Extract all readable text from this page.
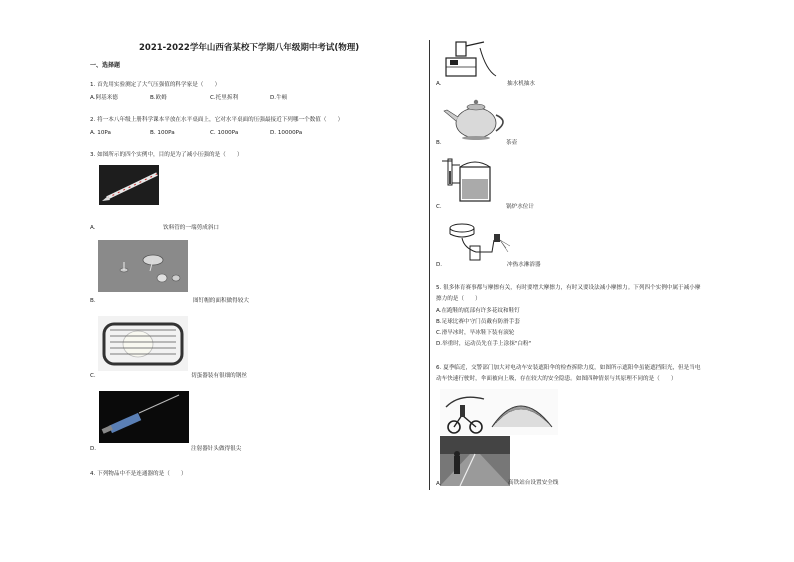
2021-2022学年山西省某校下学期八年级期中考试(物理)
一、选择题
1. 首先用实验测定了大气压强值的科学家是（　　）
A.阿基米德	B.欧姆	C.托里拆利	D.牛顿
2. 将一本八年级上册科学课本平放在水平桌面上，它对水平桌面的压强最接近下列哪一个数值（　　）
A. 10Pa	B. 100Pa	C. 1000Pa	D. 10000Pa
3. 如图所示的四个实例中，目的是为了减小压强的是（　　）
A.	饮料管的一端剪成斜口
B.	图钉帽的面积做得较大
C.	切蛋器装有很细的钢丝
D.	注射器针头做得很尖
4. 下列物品中不是连通器的是（　　）
A.	抽水机抽水
B.	茶壶
C.	锅炉水位计
D.	冲热水淋浴器
5. 很多体育赛事都与摩擦有关，有时要增大摩擦力，有时又要设法减小摩擦力。下列四个实例中属于减小摩
擦力的是（　　）
A.在跑鞋的底部有许多花纹和鞋钉
B.足球比赛中守门员戴有防滑手套
C.滑旱冰时，旱冰鞋下装有滚轮
D.举重时，运动员先在手上涂抹"白粉"
6. 夏季临近，交警部门加大对电动车安装遮阳伞的检查拆除力度，如图所示遮阳伞虽能遮挡阳光，但是当电
动车快速行驶时，伞面被向上吸，存在较大的安全隐患。如图四种情景与其原理不同的是（　　）
A.	高铁站台设置安全线
